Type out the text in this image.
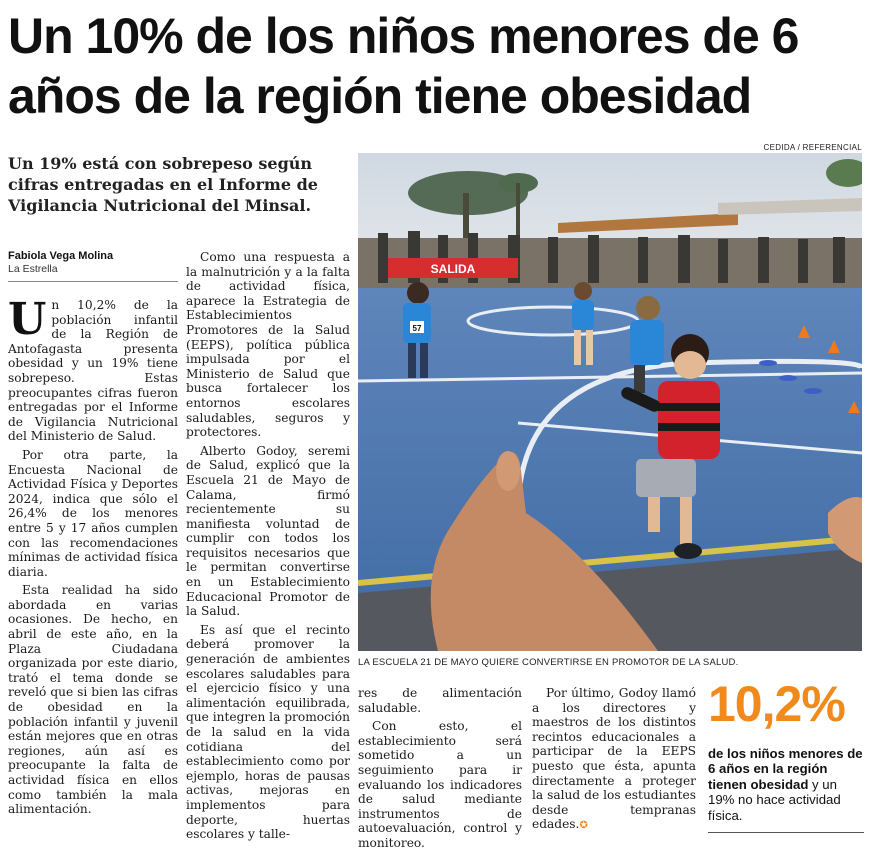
Un 10% de los niños menores de 6 años de la región tiene obesidad
CEDIDA / REFERENCIAL
Un 19% está con sobrepeso según cifras entregadas en el Informe de Vigilancia Nutricional del Minsal.
Fabiola Vega Molina
La Estrella

Un 10,2% de la población infantil de la Región de Antofagasta presenta obesidad y un 19% tiene sobrepeso. Estas preocupantes cifras fueron entregadas por el Informe de Vigilancia Nutricional del Ministerio de Salud.

Por otra parte, la Encuesta Nacional de Actividad Física y Deportes 2024, indica que sólo el 26,4% de los menores entre 5 y 17 años cumplen con las recomendaciones mínimas de actividad física diaria.

Esta realidad ha sido abordada en varias ocasiones. De hecho, en abril de este año, en la Plaza Ciudadana organizada por este diario, trató el tema donde se reveló que si bien las cifras de obesidad en la población infantil y juvenil están mejores que en otras regiones, aún así es preocupante la falta de actividad física en ellos como también la mala alimentación.

Como una respuesta a la malnutrición y a la falta de actividad física, aparece la Estrategia de Establecimientos Promotores de la Salud (EEPS), política pública impulsada por el Ministerio de Salud que busca fortalecer los entornos escolares saludables, seguros y protectores.

Alberto Godoy, seremi de Salud, explicó que la Escuela 21 de Mayo de Calama, firmó recientemente su manifiesta voluntad de cumplir con todos los requisitos necesarios que le permitan convertirse en un Establecimiento Educacional Promotor de la Salud.

Es así que el recinto deberá promover la generación de ambientes escolares saludables para el ejercicio físico y una alimentación equilibrada, que integren la promoción de la salud en la vida cotidiana del establecimiento como por ejemplo, horas de pausas activas, mejoras en implementos para deporte, huertas escolares y talle-

res de alimentación saludable.

Con esto, el establecimiento será sometido a un seguimiento para ir evaluando los indicadores de salud mediante instrumentos de autoevaluación, control y monitoreo.

Por último, Godoy llamó a los directores y maestros de los distintos recintos educacionales a participar de la EEPS puesto que ésta, apunta directamente a proteger la salud de los estudiantes desde tempranas edades.✪

SALIDA
57
LA ESCUELA 21 DE MAYO QUIERE CONVERTIRSE EN PROMOTOR DE LA SALUD.
10,2%
de los niños menores de 6 años en la región tienen obesidad y un 19% no hace actividad física.
